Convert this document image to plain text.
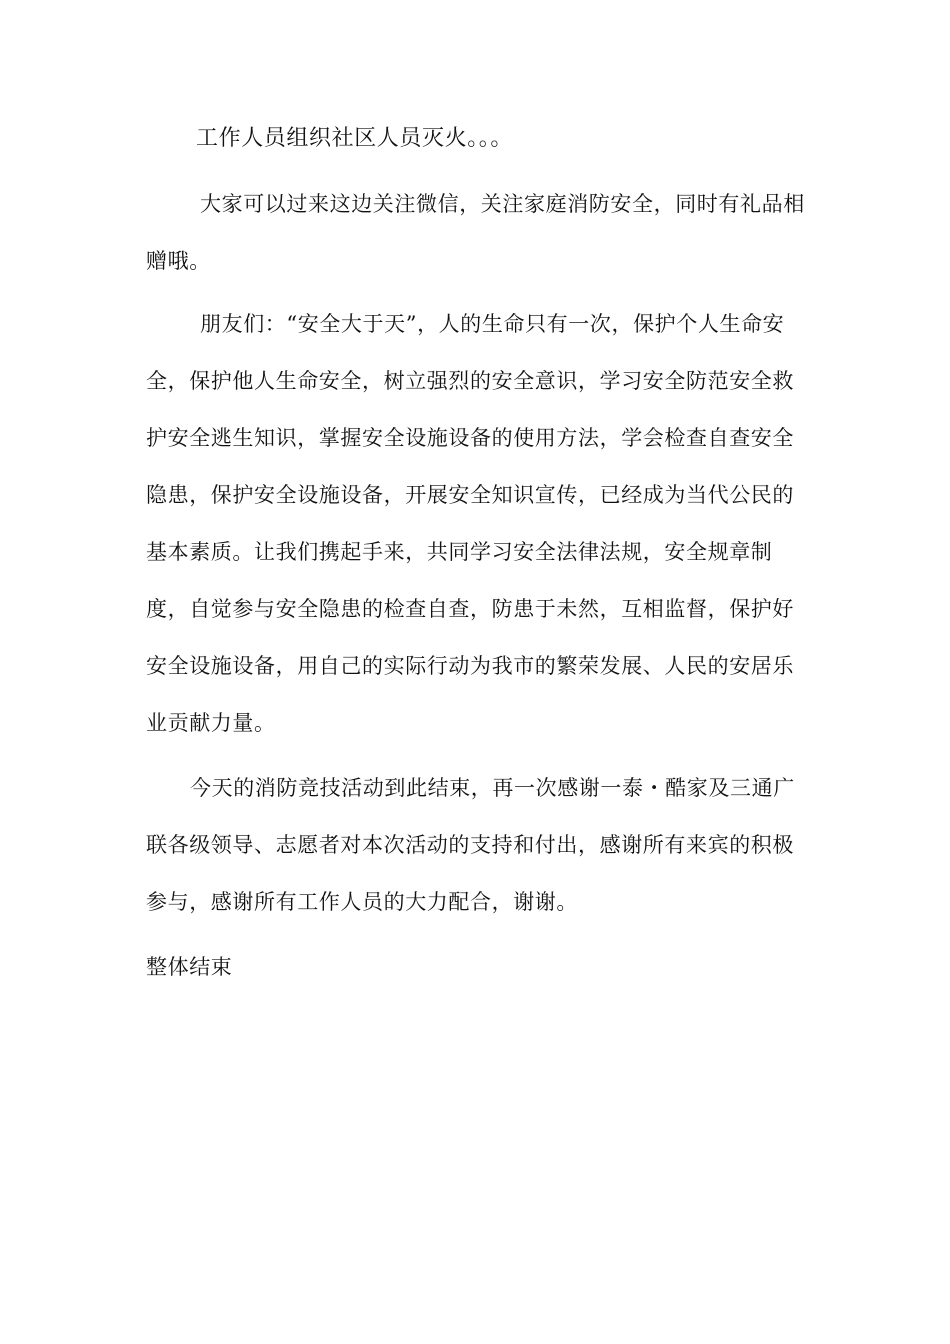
工作人员组织社区人员灭火。。。

大家可以过来这边关注微信，关注家庭消防安全，同时有礼品相赠哦。

朋友们：“安全大于天”，人的生命只有一次，保护个人生命安全，保护他人生命安全，树立强烈的安全意识，学习安全防范安全救护安全逃生知识，掌握安全设施设备的使用方法，学会检查自查安全隐患，保护安全设施设备，开展安全知识宣传，已经成为当代公民的基本素质。让我们携起手来，共同学习安全法律法规，安全规章制度，自觉参与安全隐患的检查自查，防患于未然，互相监督，保护好安全设施设备，用自己的实际行动为我市的繁荣发展、人民的安居乐业贡献力量。

今天的消防竞技活动到此结束，再一次感谢一泰・酷家及三通广联各级领导、志愿者对本次活动的支持和付出，感谢所有来宾的积极参与，感谢所有工作人员的大力配合，谢谢。

整体结束
